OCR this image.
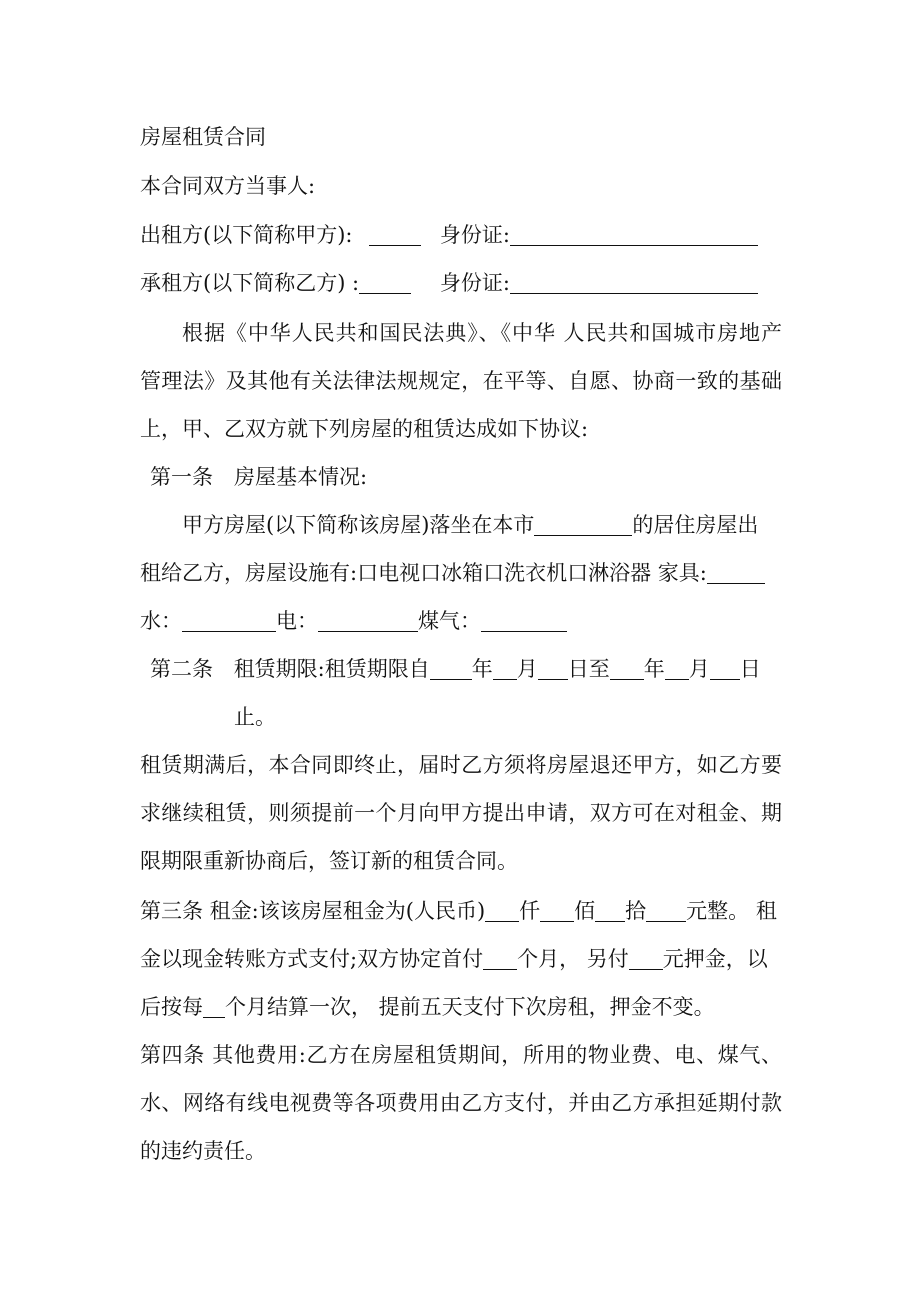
房屋租赁合同
本合同双方当事人:
出租方(以下简称甲方):	身份证:
承租方(以下简称乙方) :	身份证:
根据《中华人民共和国民法典》、《中华 人民共和国城市房地产
管理法》及其他有关法律法规规定，在平等、自愿、协商一致的基础
上，甲、乙双方就下列房屋的租赁达成如下协议:
第一条　房屋基本情况:
甲方房屋(以下简称该房屋)落坐在本市	的居住房屋出
租给乙方，房屋设施有:口电视口冰箱口洗衣机口淋浴器 家具:
水：	电：	煤气：
第二条 租赁期限:租赁期限自 年 月 日至 年 月 日
止。
租赁期满后，本合同即终止，届时乙方须将房屋退还甲方，如乙方要
求继续租赁，则须提前一个月向甲方提出申请，双方可在对租金、期
限期限重新协商后，签订新的租赁合同。
第三条 租金:该该房屋租金为(人民币) 仟 佰 拾 元整。 租
金以现金转账方式支付;双方协定首付 个月， 另付 元押金，以
后按每 个月结算一次， 提前五天支付下次房租，押金不变。
第四条 其他费用:乙方在房屋租赁期间，所用的物业费、电、煤气、
水、网络有线电视费等各项费用由乙方支付，并由乙方承担延期付款
的违约责任。
